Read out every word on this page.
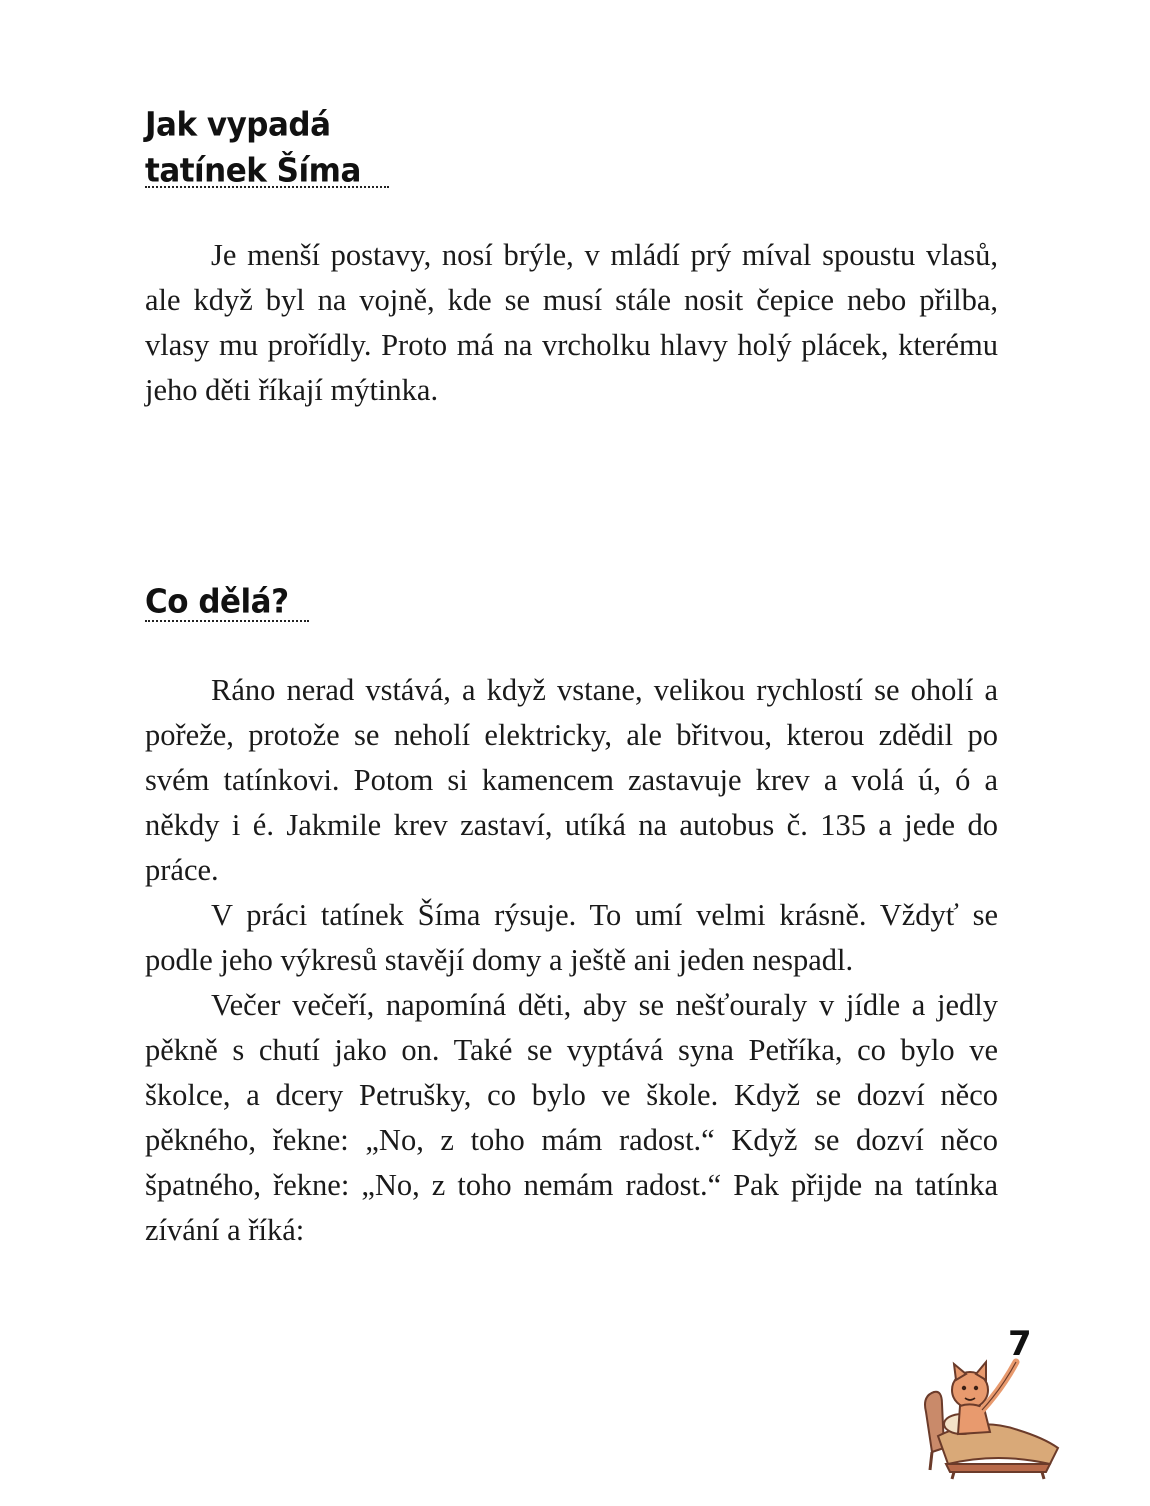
Jak vypadá
tatínek Šíma

Je menší postavy, nosí brýle, v mládí prý míval spoustu vlasů, ale když byl na vojně, kde se musí stále nosit čepice nebo přilba, vlasy mu prořídly. Proto má na vrcholku hlavy holý plácek, kterému jeho děti říkají mýtinka.

Co dělá?

Ráno nerad vstává, a když vstane, velikou rychlostí se oholí a pořeže, protože se neholí elektricky, ale břitvou, kterou zdědil po svém tatínkovi. Potom si kamencem zastavuje krev a volá ú, ó a někdy i é. Jakmile krev zastaví, utíká na autobus č. 135 a jede do práce.

V práci tatínek Šíma rýsuje. To umí velmi krásně. Vždyť se podle jeho výkresů stavějí domy a ještě ani jeden nespadl.

Večer večeří, napomíná děti, aby se nešťouraly v jídle a jedly pěkně s chutí jako on. Také se vyptává syna Petříka, co bylo ve školce, a dcery Petrušky, co bylo ve škole. Když se dozví něco pěkného, řekne: „No, z toho mám radost.“ Když se dozví něco špatného, řekne: „No, z toho nemám radost.“ Pak přijde na tatínka zívání a říká:

7
